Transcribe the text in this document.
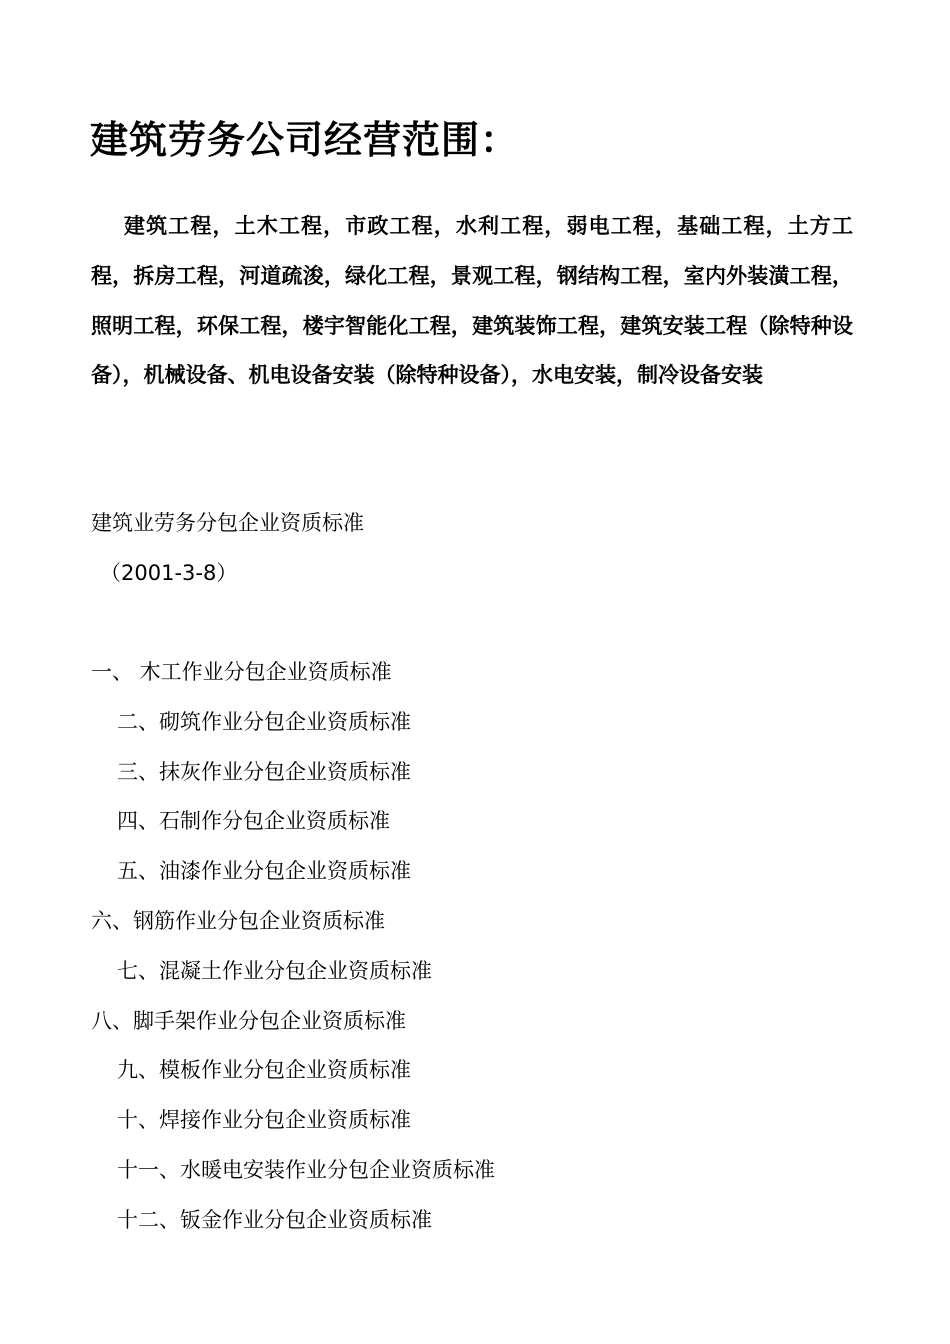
建筑劳务公司经营范围：

建筑工程，土木工程，市政工程，水利工程，弱电工程，基础工程，土方工程，拆房工程，河道疏浚，绿化工程，景观工程，钢结构工程，室内外装潢工程，照明工程，环保工程，楼宇智能化工程，建筑装饰工程，建筑安装工程（除特种设备），机械设备、机电设备安装（除特种设备），水电安装，制冷设备安装

建筑业劳务分包企业资质标准

（2001-3-8）

一、 木工作业分包企业资质标准
二、砌筑作业分包企业资质标准
三、抹灰作业分包企业资质标准
四、石制作分包企业资质标准
五、油漆作业分包企业资质标准
六、钢筋作业分包企业资质标准
七、混凝土作业分包企业资质标准
八、脚手架作业分包企业资质标准
九、模板作业分包企业资质标准
十、焊接作业分包企业资质标准
十一、水暖电安装作业分包企业资质标准
十二、钣金作业分包企业资质标准
